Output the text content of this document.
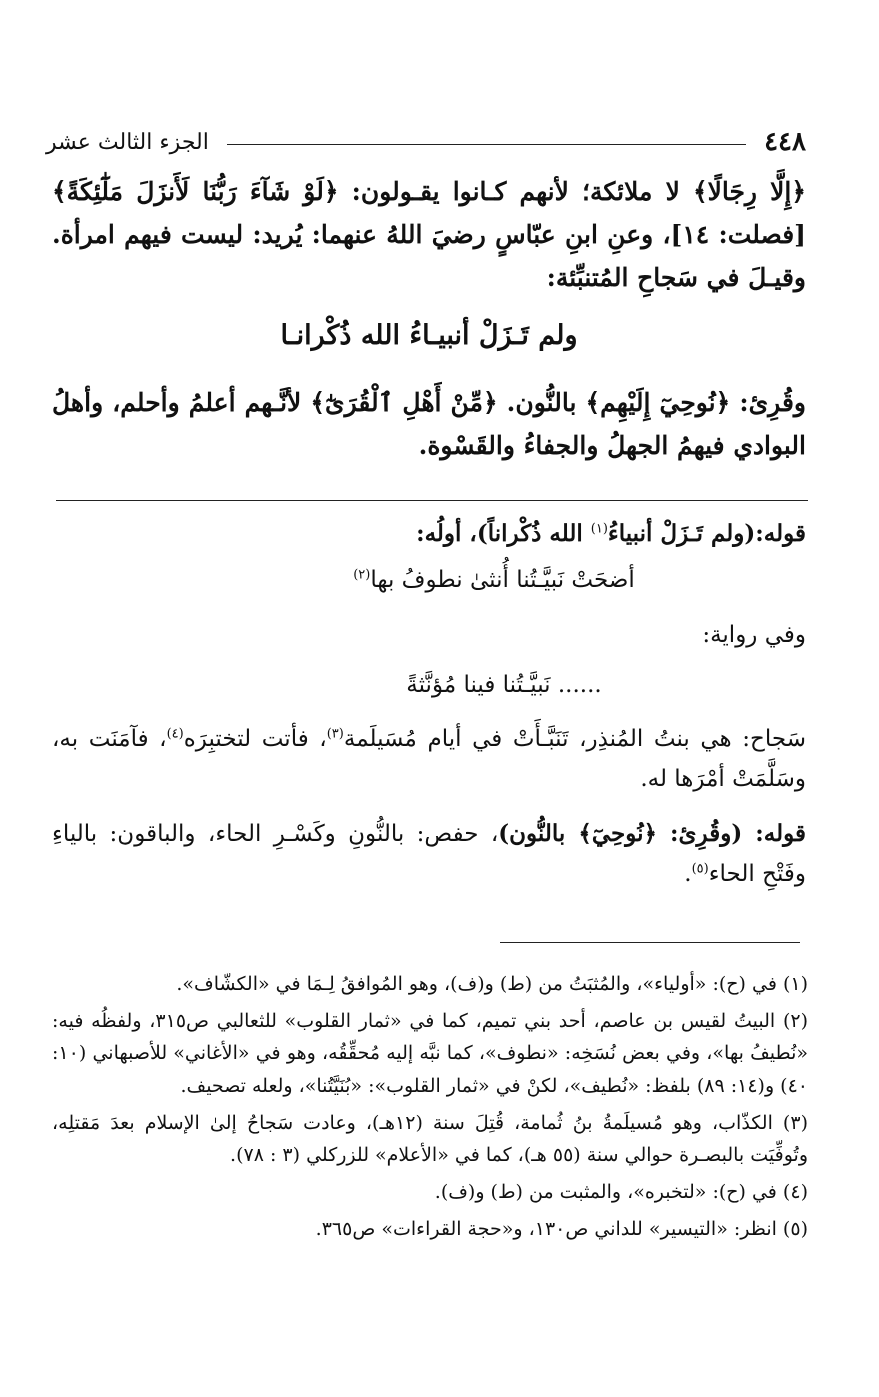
٤٤٨
الجزء الثالث عشر

﴿إِلَّا رِجَالًا﴾ لا ملائكة؛ لأنهم كـانوا يقـولون: ﴿لَوْ شَآءَ رَبُّنَا لَأَنزَلَ مَلَٰٓئِكَةً﴾ [فصلت: ١٤]، وعنِ ابنِ عبّاسٍ رضيَ اللهُ عنهما: يُريد: ليست فيهم امرأة. وقيـلَ في سَجاحِ المُتنبِّئة:

ولم تَـزَلْ أنبيـاءُ الله ذُكْرانـا

وقُرِئ: ﴿نُوحِيٓ إِلَيْهِم﴾ بالنُّون. ﴿مِّنْ أَهْلِ ٱلْقُرَىٰٓ﴾ لأنَّـهم أعلمُ وأحلم، وأهلُ البوادي فيهمُ الجهلُ والجفاءُ والقَسْوة.

قوله:(ولم تَـزَلْ أنبياءُ$^{(١)}$ الله ذُكْراناً)، أولُه:

أضحَتْ نَبيَّـتُنا أُنثىٰ نطوفُ بها$^{(٢)}$

وفي رواية:

...... نَبيَّـتُنا فينا مُؤنَّثةً

سَجاح: هي بنتُ المُنذِر، تَنَبَّـأَتْ في أيام مُسَيلَمة$^{(٣)}$، فأتت لتختبِرَه$^{(٤)}$، فآمَنَت به، وسَلَّمَتْ أمْرَها له.

قوله: (وقُرِئ: ﴿نُوحِيٓ﴾ بالنُّون)، حفص: بالنُّونِ وكَسْـرِ الحاء، والباقون: بالياءِ وفَتْحِ الحاء$^{(٥)}$.

(١) في (ح): «أولياء»، والمُثبَتُ من (ط) و(ف)، وهو المُوافقُ لِـمَا في «الكشّاف».

(٢) البيتُ لقيس بن عاصم، أحد بني تميم، كما في «ثمار القلوب» للثعالبي ص٣١٥، ولفظُه فيه: «نُطيفُ بها»، وفي بعض نُسَخِه: «نطوف»، كما نبَّه إليه مُحقِّقُه، وهو في «الأغاني» للأصبهاني (١٠: ٤٠) و(١٤: ٨٩) بلفظ: «نُطيف»، لكنْ في «ثمار القلوب»: «بُنَيَّتُنا»، ولعله تصحيف.

(٣) الكذّاب، وهو مُسيلَمةُ بنُ ثُمامة، قُتِلَ سنة (١٢هـ)، وعادت سَجاحُ إلىٰ الإسلام بعدَ مَقتلِه، وتُوفِّيَت بالبصـرة حوالي سنة (٥٥ هـ)، كما في «الأعلام» للزركلي (٣ : ٧٨).

(٤) في (ح): «لتخبره»، والمثبت من (ط) و(ف).

(٥) انظر: «التيسير» للداني ص١٣٠، و«حجة القراءات» ص٣٦٥.
